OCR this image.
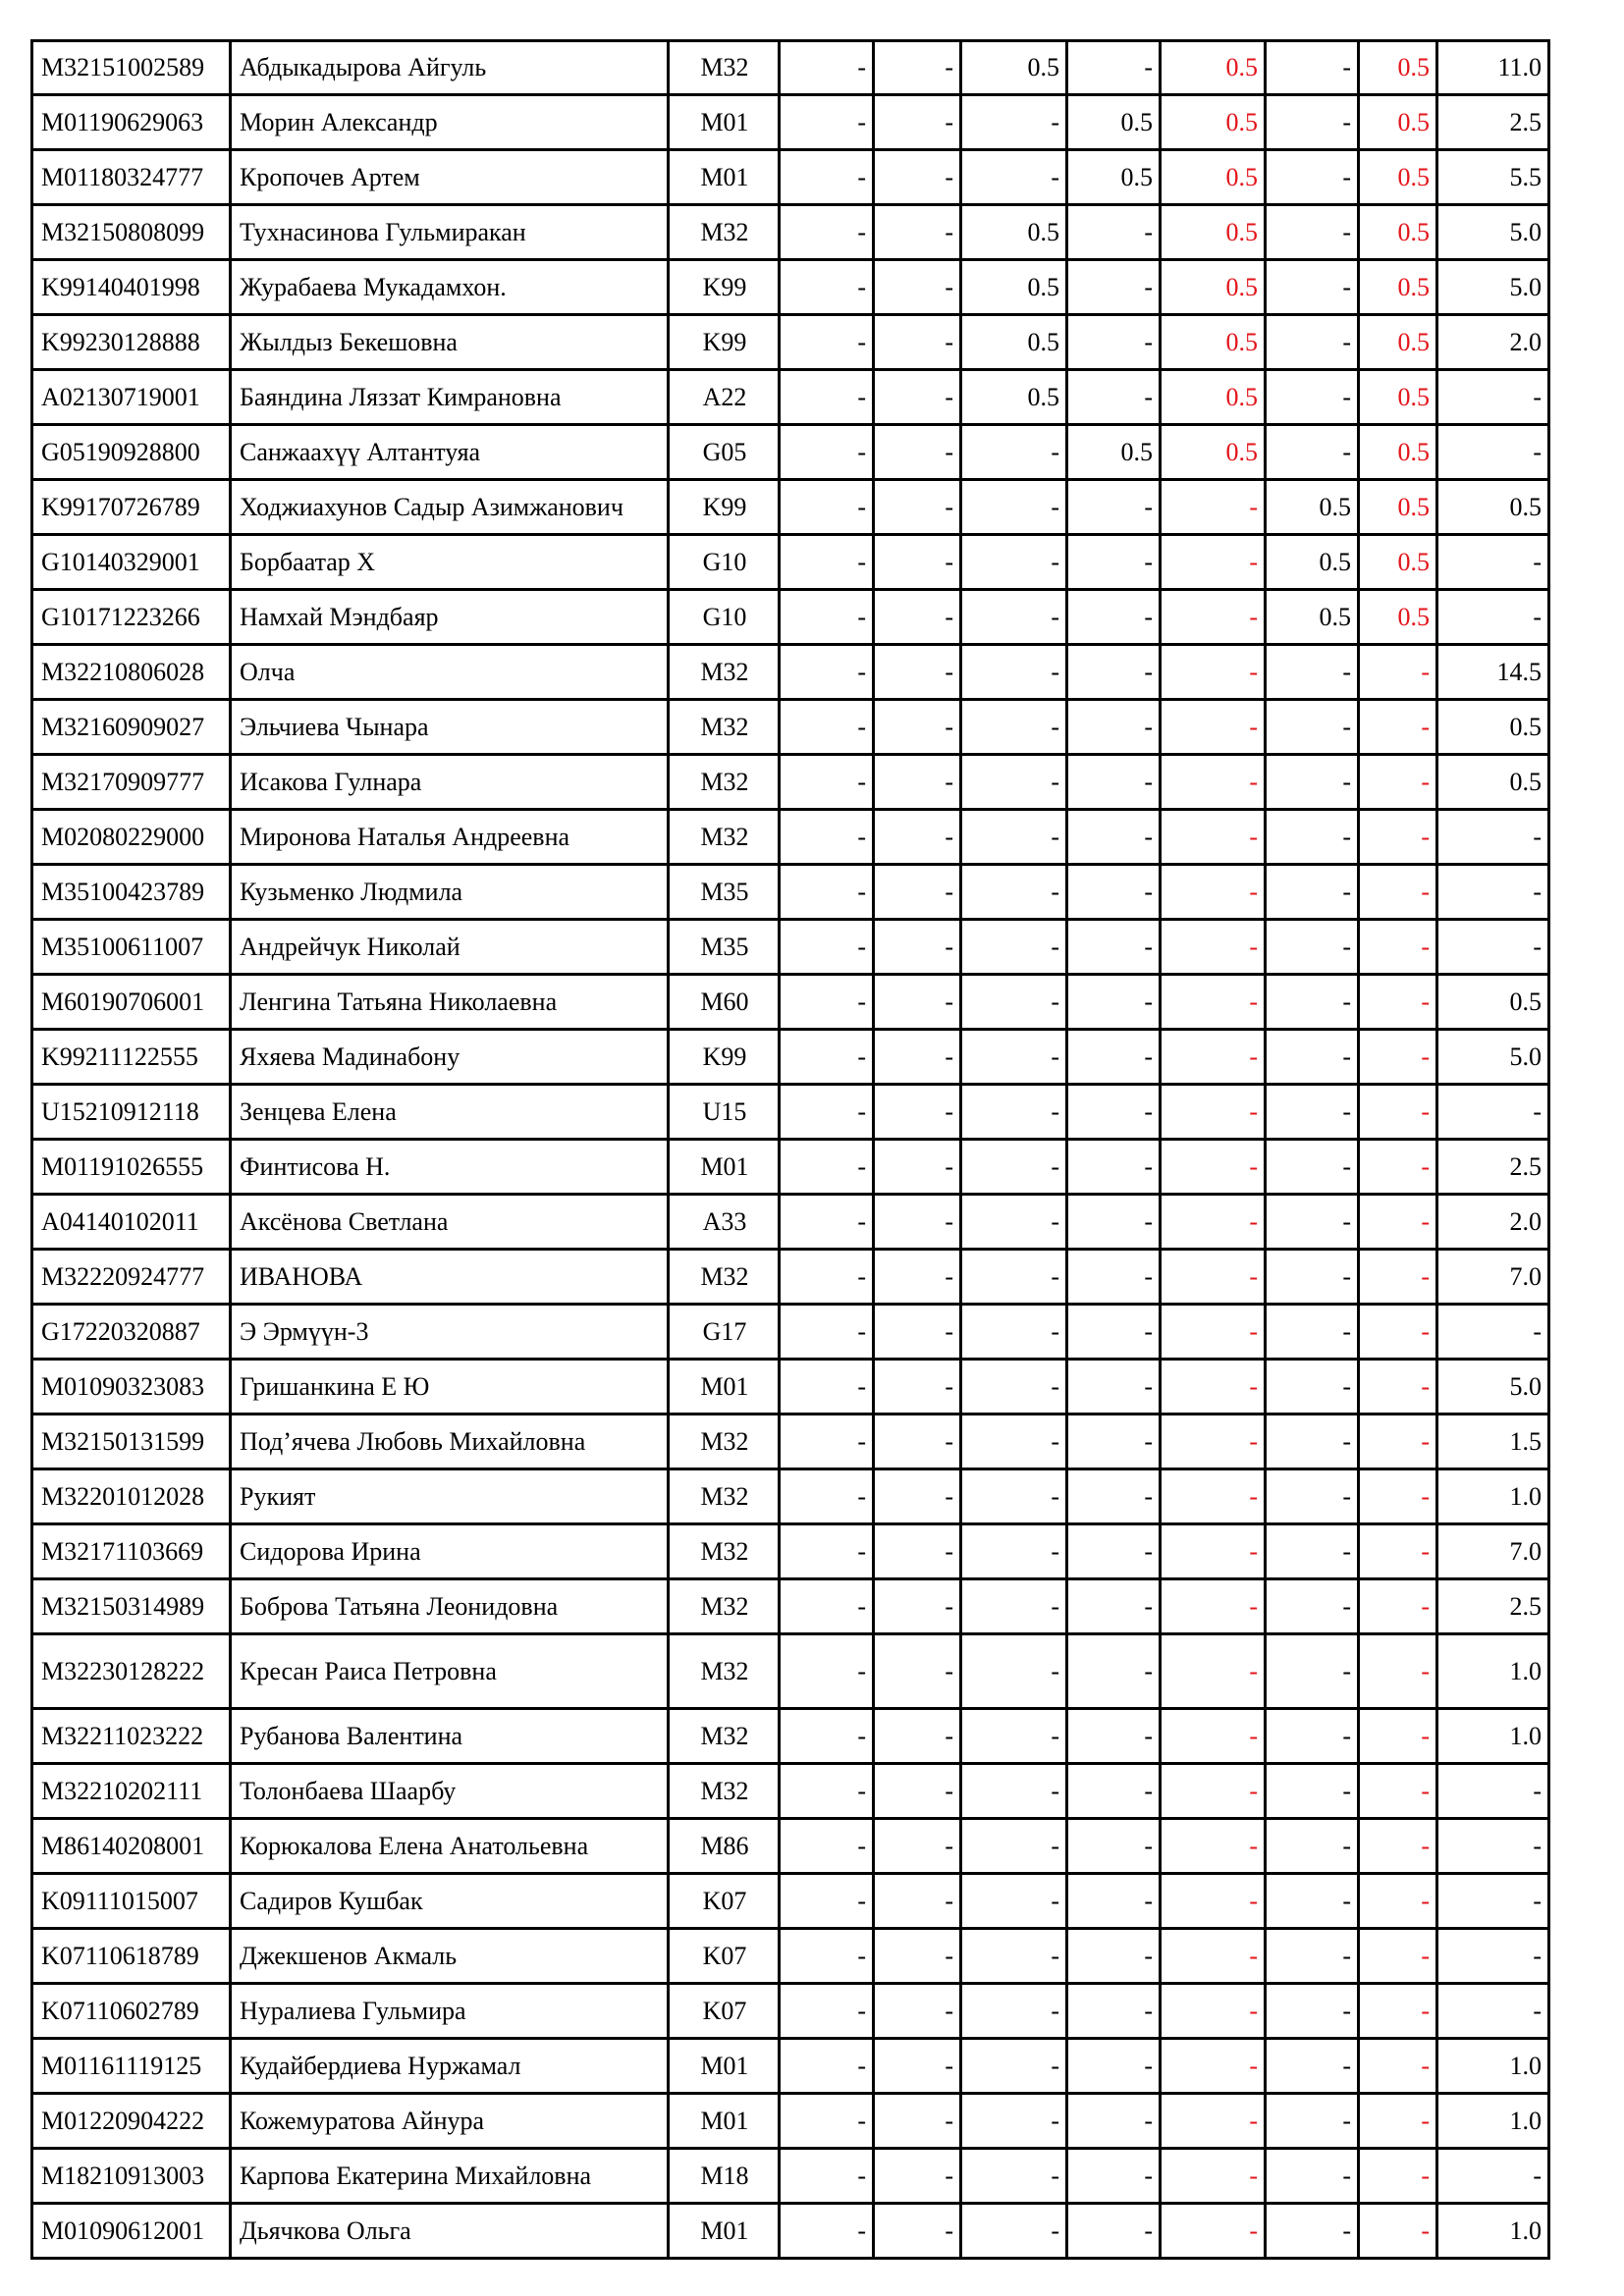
M32151002589	Абдыкадырова Айгуль	M32	-	-	0.5	-	0.5	-	0.5	11.0
M01190629063	Морин Александр	M01	-	-	-	0.5	0.5	-	0.5	2.5
M01180324777	Кропочев Артем	M01	-	-	-	0.5	0.5	-	0.5	5.5
M32150808099	Тухнасинова Гульмиракан	M32	-	-	0.5	-	0.5	-	0.5	5.0
K99140401998	Журабаева Мукадамхон.	K99	-	-	0.5	-	0.5	-	0.5	5.0
K99230128888	Жылдыз Бекешовна	K99	-	-	0.5	-	0.5	-	0.5	2.0
A02130719001	Баяндина Ляззат Кимрановна	A22	-	-	0.5	-	0.5	-	0.5	-
G05190928800	Санжаахүү Алтантуяа	G05	-	-	-	0.5	0.5	-	0.5	-
K99170726789	Ходжиахунов Садыр Азимжанович	K99	-	-	-	-	-	0.5	0.5	0.5
G10140329001	Борбаатар Х	G10	-	-	-	-	-	0.5	0.5	-
G10171223266	Намхай Мэндбаяр	G10	-	-	-	-	-	0.5	0.5	-
M32210806028	Олча	M32	-	-	-	-	-	-	-	14.5
M32160909027	Эльчиева Чынара	M32	-	-	-	-	-	-	-	0.5
M32170909777	Исакова Гулнара	M32	-	-	-	-	-	-	-	0.5
M02080229000	Миронова Наталья Андреевна	M32	-	-	-	-	-	-	-	-
M35100423789	Кузьменко Людмила	M35	-	-	-	-	-	-	-	-
M35100611007	Андрейчук Николай	M35	-	-	-	-	-	-	-	-
M60190706001	Ленгина Татьяна Николаевна	M60	-	-	-	-	-	-	-	0.5
K99211122555	Яхяева Мадинабону	K99	-	-	-	-	-	-	-	5.0
U15210912118	Зенцева Елена	U15	-	-	-	-	-	-	-	-
M01191026555	Финтисова Н.	M01	-	-	-	-	-	-	-	2.5
A04140102011	Аксёнова Светлана	A33	-	-	-	-	-	-	-	2.0
M32220924777	ИВАНОВА	M32	-	-	-	-	-	-	-	7.0
G17220320887	Э Эрмүүн-3	G17	-	-	-	-	-	-	-	-
M01090323083	Гришанкина Е Ю	M01	-	-	-	-	-	-	-	5.0
M32150131599	Под’ячева Любовь Михайловна	M32	-	-	-	-	-	-	-	1.5
M32201012028	Рукият	M32	-	-	-	-	-	-	-	1.0
M32171103669	Сидорова Ирина	M32	-	-	-	-	-	-	-	7.0
M32150314989	Боброва Татьяна Леонидовна	M32	-	-	-	-	-	-	-	2.5
M32230128222	Кресан Раиса Петровна	M32	-	-	-	-	-	-	-	1.0
M32211023222	Рубанова Валентина	M32	-	-	-	-	-	-	-	1.0
M32210202111	Толонбаева Шаарбу	M32	-	-	-	-	-	-	-	-
M86140208001	Корюкалова Елена Анатольевна	M86	-	-	-	-	-	-	-	-
K09111015007	Садиров Кушбак	K07	-	-	-	-	-	-	-	-
K07110618789	Джекшенов Акмаль	K07	-	-	-	-	-	-	-	-
K07110602789	Нуралиева Гульмира	K07	-	-	-	-	-	-	-	-
M01161119125	Кудайбердиева Нуржамал	M01	-	-	-	-	-	-	-	1.0
M01220904222	Кожемуратова Айнура	M01	-	-	-	-	-	-	-	1.0
M18210913003	Карпова Екатерина Михайловна	M18	-	-	-	-	-	-	-	-
M01090612001	Дьячкова Ольга	M01	-	-	-	-	-	-	-	1.0
